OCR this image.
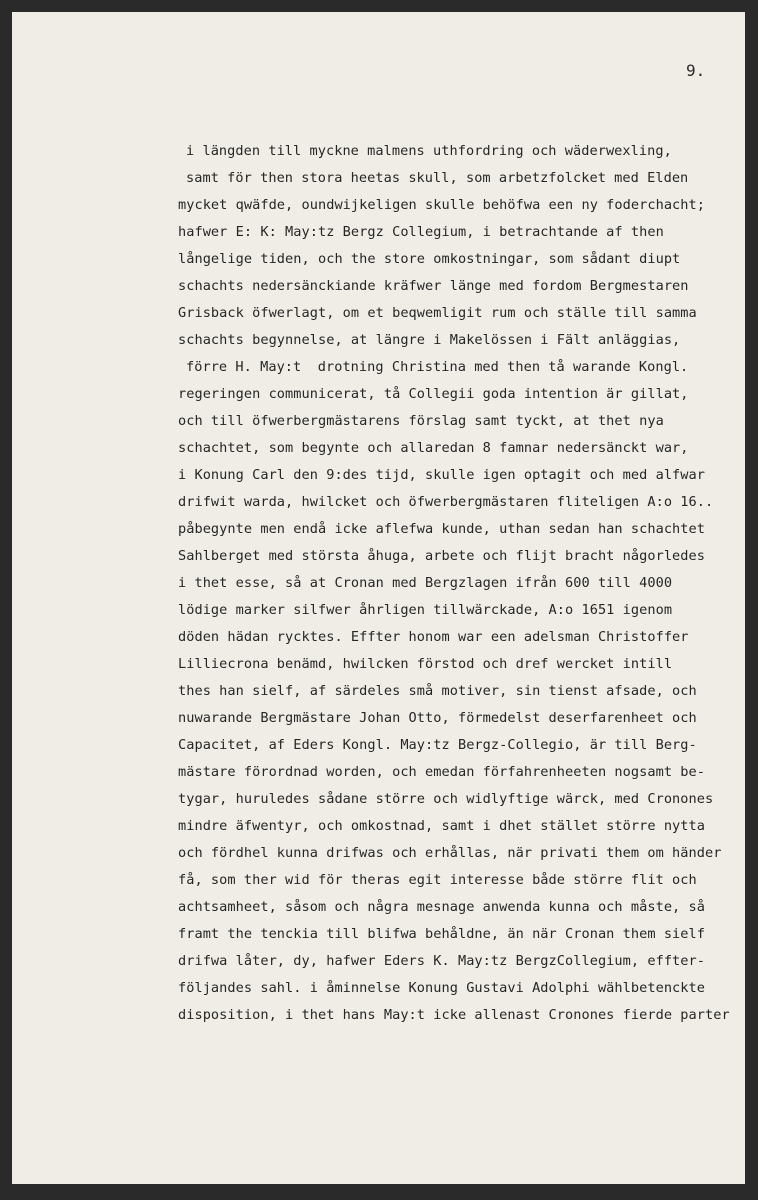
9.
i längden till myckne malmens uthfordring och wäderwexling,
samt för then stora heetas skull, som arbetzfolcket med Elden
mycket qwäfde, oundwijkeligen skulle behöfwa een ny foderchacht;
hafwer E: K: May:tz Bergz Collegium, i betrachtande af then
långelige tiden, och the store omkostningar, som sådant diupt
schachts nedersänckiande kräfwer länge med fordom Bergmestaren
Grisback öfwerlagt, om et beqwemligit rum och ställe till samma
schachts begynnelse, at längre i Makelössen i Fält anläggias,
förre H. May:t  drotning Christina med then tå warande Kongl.
regeringen communicerat, tå Collegii goda intention är gillat,
och till öfwerbergmästarens förslag samt tyckt, at thet nya
schachtet, som begynte och allaredan 8 famnar nedersänckt war,
i Konung Carl den 9:des tijd, skulle igen optagit och med alfwar
drifwit warda, hwilcket och öfwerbergmästaren fliteligen A:o 16..
påbegynte men endå icke aflefwa kunde, uthan sedan han schachtet
Sahlberget med största åhuga, arbete och flijt bracht någorledes
i thet esse, så at Cronan med Bergzlagen ifrån 600 till 4000
lödige marker silfwer åhrligen tillwärckade, A:o 1651 igenom
döden hädan rycktes. Effter honom war een adelsman Christoffer
Lilliecrona benämd, hwilcken förstod och dref wercket intill
thes han sielf, af särdeles små motiver, sin tienst afsade, och
nuwarande Bergmästare Johan Otto, förmedelst deserfarenheet och
Capacitet, af Eders Kongl. May:tz Bergz-Collegio, är till Berg-
mästare förordnad worden, och emedan förfahrenheeten nogsamt be-
tygar, huruledes sådane större och widlyftige wärck, med Cronones
mindre äfwentyr, och omkostnad, samt i dhet stället större nytta
och fördhel kunna drifwas och erhållas, när privati them om händer
få, som ther wid för theras egit interesse både större flit och
achtsamheet, såsom och några mesnage anwenda kunna och måste, så
framt the tenckia till blifwa behåldne, än när Cronan them sielf
drifwa låter, dy, hafwer Eders K. May:tz BergzCollegium, effter-
följandes sahl. i åminnelse Konung Gustavi Adolphi wählbetenckte
disposition, i thet hans May:t icke allenast Cronones fierde parter
